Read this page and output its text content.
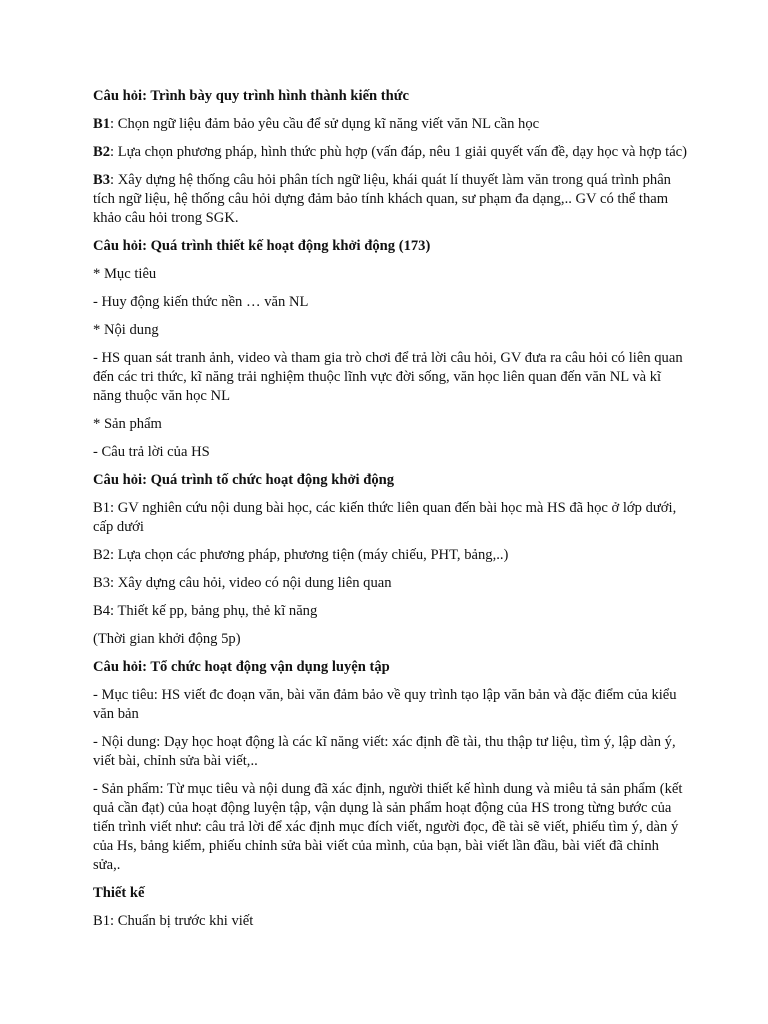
Câu hỏi: Trình bày quy trình hình thành kiến thức

B1: Chọn ngữ liệu đảm bảo yêu cầu để sử dụng kĩ năng viết văn NL cần học

B2: Lựa chọn phương pháp, hình thức phù hợp (vấn đáp, nêu 1 giải quyết vấn đề, dạy học và hợp tác)

B3: Xây dựng hệ thống câu hỏi phân tích ngữ liệu, khái quát lí thuyết làm văn trong quá trình phân tích ngữ liệu, hệ thống câu hỏi dựng đảm bảo tính khách quan, sư phạm đa dạng,.. GV có thể tham khảo câu hỏi trong SGK.

Câu hỏi: Quá trình thiết kế hoạt động khởi động (173)

* Mục tiêu

- Huy động kiến thức nền … văn NL

* Nội dung

- HS quan sát tranh ảnh, video và tham gia trò chơi để trả lời câu hỏi, GV đưa ra câu hỏi có liên quan đến các tri thức, kĩ năng trải nghiệm thuộc lĩnh vực đời sống, văn học liên quan đến văn NL và kĩ năng thuộc văn học NL

* Sản phẩm

- Câu trả lời của HS

Câu hỏi: Quá trình tố chức hoạt động khởi động

B1: GV nghiên cứu nội dung bài học, các kiến thức liên quan đến bài học mà HS đã học ở lớp dưới, cấp dưới

B2: Lựa chọn các phương pháp, phương tiện (máy chiếu, PHT, bảng,..)

B3: Xây dựng câu hỏi, video có nội dung liên quan

B4: Thiết kế pp, bảng phụ, thẻ kĩ năng

(Thời gian khởi động 5p)

Câu hỏi: Tổ chức hoạt động vận dụng luyện tập

- Mục tiêu: HS viết đc đoạn văn, bài văn đảm bảo về quy trình tạo lập văn bản và đặc điểm của kiểu văn bản

- Nội dung: Dạy học hoạt động là các kĩ năng viết: xác định đề tài, thu thập tư liệu, tìm ý, lập dàn ý, viết bài, chỉnh sửa bài viết,..

- Sản phẩm: Từ mục tiêu và nội dung đã xác định, người thiết kế hình dung và miêu tả sản phẩm (kết quả cần đạt) của hoạt động luyện tập, vận dụng là sản phẩm hoạt động của HS trong từng bước của tiến trình viết như: câu trả lời để xác định mục đích viết, người đọc, đề tài sẽ viết, phiếu tìm ý, dàn ý của Hs, bảng kiểm, phiếu chỉnh sửa bài viết của mình, của bạn, bài viết lần đầu, bài viết đã chỉnh sửa,.

Thiết kế

B1: Chuẩn bị trước khi viết
